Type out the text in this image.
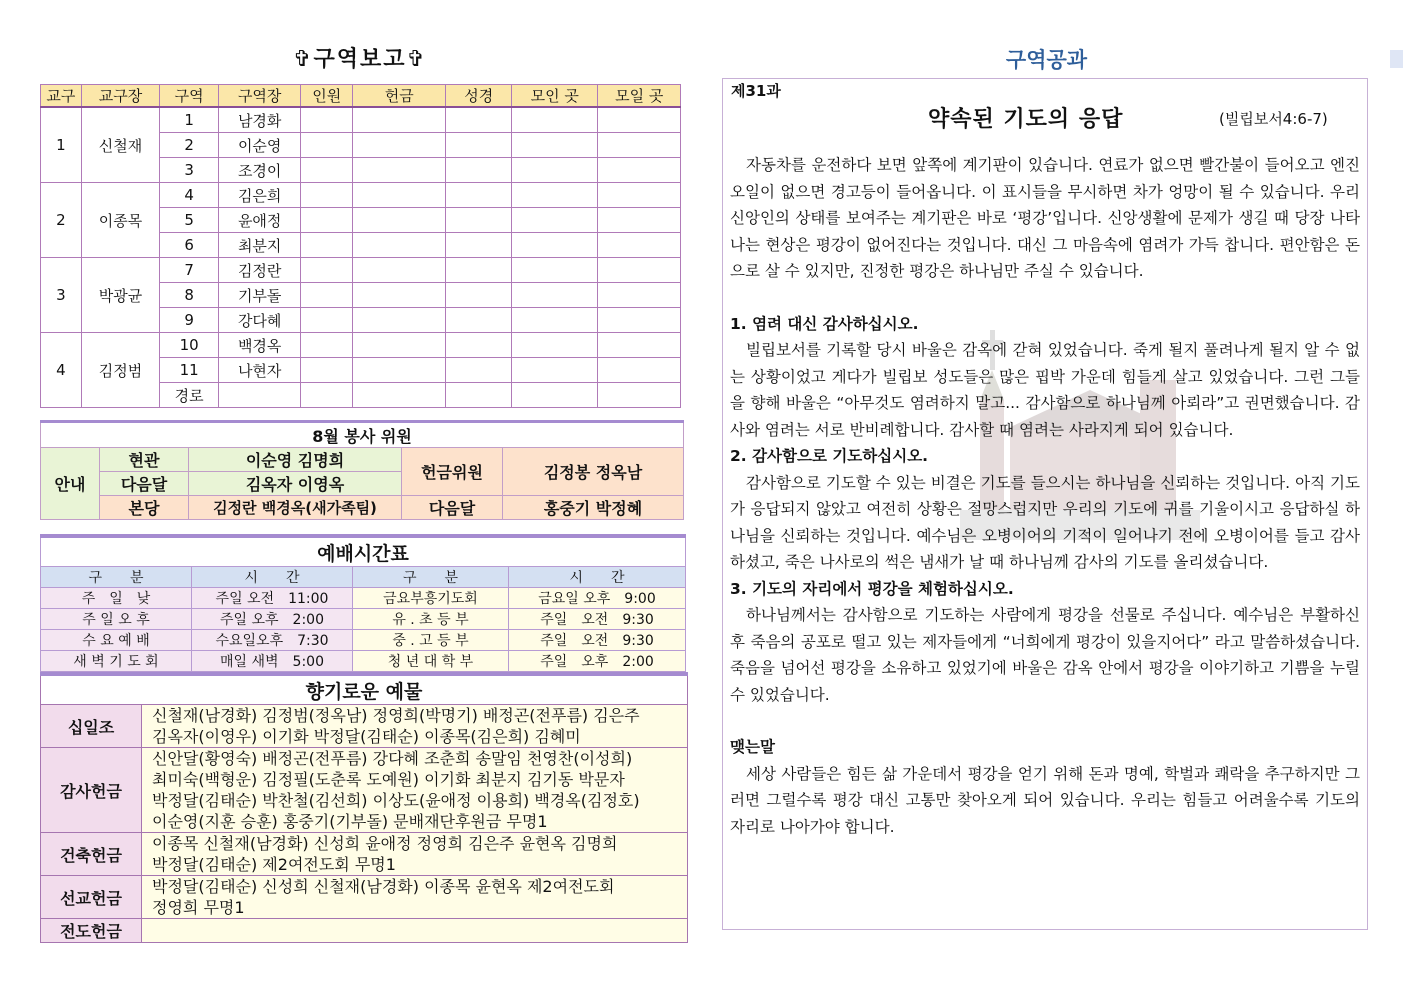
✞구역보고✞
교구	교구장	구역	구역장	인원	헌금	성경	모인 곳	모일 곳
1	신철재	1	남경화					
		2	이순영					
		3	조경이					
2	이종목	4	김은희					
		5	윤애정					
		6	최분지					
3	박광균	7	김정란					
		8	기부돌					
		9	강다혜					
4	김정범	10	백경옥					
		11	나현자					
		경로						
8월 봉사 위원				
안내	현관	이순영 김명희	헌금위원	김정봉 정옥남
	다음달	김옥자 이영옥		
	본당	김정란 백경옥(새가족팀)	다음달	홍중기 박정혜
예배시간표			
구　　분	시　　간	구　　분	시　　간
주　일　낮	주일 오전　11:00	금요부흥기도회	금요일 오후　9:00
주 일 오 후	주일 오후　2:00	유 . 초 등 부	주일　오전　9:30
수 요 예 배	수요일오후　7:30	중 . 고 등 부	주일　오전　9:30
새 벽 기 도 회	매일 새벽　5:00	청 년 대 학 부	주일　오후　2:00
향기로운 예물	
십일조	신철재(남경화) 김정범(정옥남) 정영희(박명기) 배정곤(전푸름) 김은주
김옥자(이영우) 이기화 박정달(김태순) 이종목(김은희) 김혜미

감사헌금	신안달(황영숙) 배정곤(전푸름) 강다혜 조춘희 송말임 천영찬(이성희)
최미숙(백형운) 김정필(도춘록 도예원) 이기화 최분지 김기동 박문자
박정달(김태순) 박찬철(김선희) 이상도(윤애정 이용희) 백경옥(김정호)
이순영(지훈 승훈) 홍중기(기부돌) 문배재단후원금 무명1

건축헌금	이종목 신철재(남경화) 신성희 윤애정 정영희 김은주 윤현옥 김명희
박정달(김태순) 제2여전도회 무명1

선교헌금	박정달(김태순) 신성희 신철재(남경화) 이종목 윤현옥 제2여전도회
정영희 무명1

전도헌금	
구역공과
제31과
약속된 기도의 응답	(빌립보서4:6-7)

자동차를 운전하다 보면 앞쪽에 계기판이 있습니다. 연료가 없으면 빨간불이 들어오고 엔진 오일이 없으면 경고등이 들어옵니다. 이 표시들을 무시하면 차가 엉망이 될 수 있습니다. 우리 신앙인의 상태를 보여주는 계기판은 바로 ‘평강’입니다. 신앙생활에 문제가 생길 때 당장 나타나는 현상은 평강이 없어진다는 것입니다. 대신 그 마음속에 염려가 가득 찹니다. 편안함은 돈으로 살 수 있지만, 진정한 평강은 하나님만 주실 수 있습니다.

1. 염려 대신 감사하십시오.

빌립보서를 기록할 당시 바울은 감옥에 갇혀 있었습니다. 죽게 될지 풀려나게 될지 알 수 없는 상황이었고 게다가 빌립보 성도들은 많은 핍박 가운데 힘들게 살고 있었습니다. 그런 그들을 향해 바울은 “아무것도 염려하지 말고... 감사함으로 하나님께 아뢰라”고 권면했습니다. 감사와 염려는 서로 반비례합니다. 감사할 때 염려는 사라지게 되어 있습니다.

2. 감사함으로 기도하십시오.

감사함으로 기도할 수 있는 비결은 기도를 들으시는 하나님을 신뢰하는 것입니다. 아직 기도가 응답되지 않았고 여전히 상황은 절망스럽지만 우리의 기도에 귀를 기울이시고 응답하실 하나님을 신뢰하는 것입니다. 예수님은 오병이어의 기적이 일어나기 전에 오병이어를 들고 감사하셨고, 죽은 나사로의 썩은 냄새가 날 때 하나님께 감사의 기도를 올리셨습니다.

3. 기도의 자리에서 평강을 체험하십시오.

하나님께서는 감사함으로 기도하는 사람에게 평강을 선물로 주십니다. 예수님은 부활하신 후 죽음의 공포로 떨고 있는 제자들에게 “너희에게 평강이 있을지어다” 라고 말씀하셨습니다. 죽음을 넘어선 평강을 소유하고 있었기에 바울은 감옥 안에서 평강을 이야기하고 기쁨을 누릴 수 있었습니다.

맺는말

세상 사람들은 힘든 삶 가운데서 평강을 얻기 위해 돈과 명예, 학벌과 쾌락을 추구하지만 그러면 그럴수록 평강 대신 고통만 찾아오게 되어 있습니다. 우리는 힘들고 어려울수록 기도의 자리로 나아가야 합니다.
